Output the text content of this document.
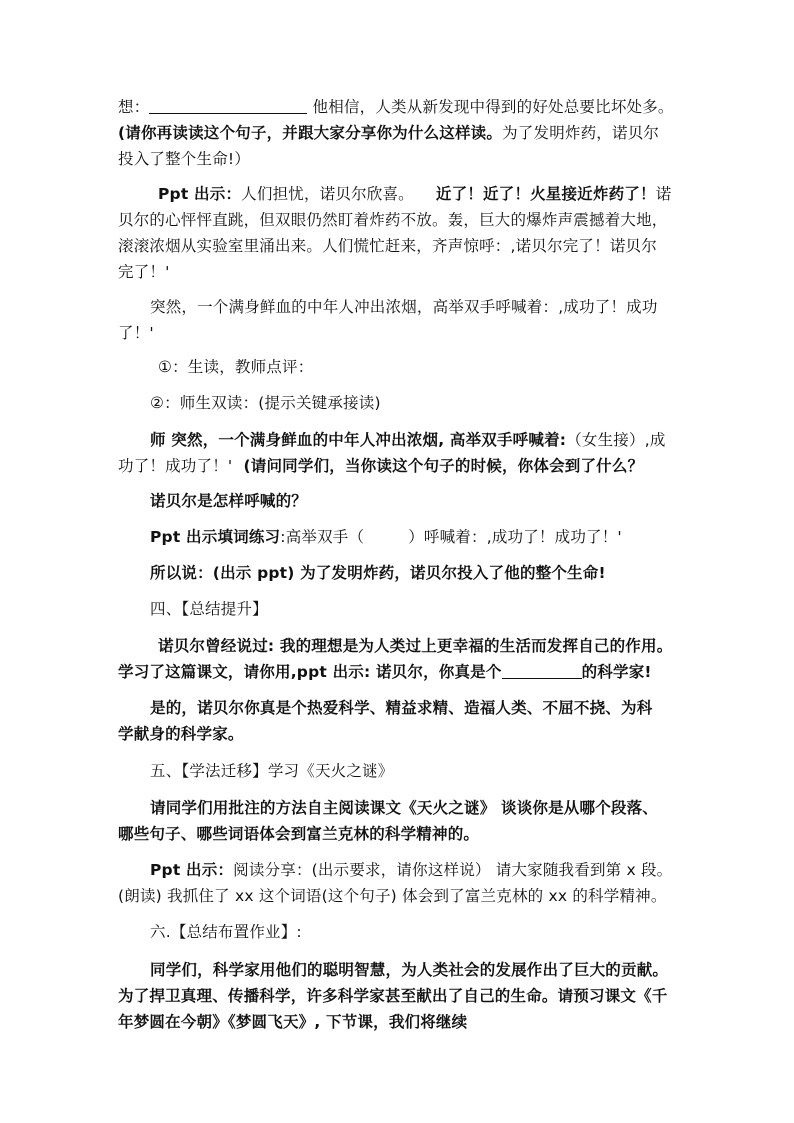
想：	他相信，人类从新发现中得到的好处总要比坏处多。

(请你再读读这个句子，并跟大家分享你为什么这样读。为了发明炸药，诺贝尔

投入了整个生命!）

Ppt 出示：人们担忧，诺贝尔欣喜。 近了！近了！火星接近炸药了！诺

贝尔的心怦怦直跳，但双眼仍然盯着炸药不放。轰，巨大的爆炸声震撼着大地，

滚滚浓烟从实验室里涌出来。人们慌忙赶来，齐声惊呼：,诺贝尔完了！诺贝尔

完了！'

突然，一个满身鲜血的中年人冲出浓烟，高举双手呼喊着：,成功了！成功

了！'

①：生读，教师点评：

②：师生双读：(提示关键承接读)

师 突然，一个满身鲜血的中年人冲出浓烟, 高举双手呼喊着:（女生接）,成

功了！成功了！' (请问同学们，当你读这个句子的时候，你体会到了什么？

诺贝尔是怎样呼喊的？

Ppt 出示填词练习:高举双手（	）呼喊着：,成功了！成功了！'

所以说：(出示 ppt) 为了发明炸药，诺贝尔投入了他的整个生命!

四、【总结提升】

诺贝尔曾经说过: 我的理想是为人类过上更幸福的生活而发挥自己的作用。

学习了这篇课文，请你用,ppt 出示: 诺贝尔，你真是个	的科学家!

是的，诺贝尔你真是个热爱科学、精益求精、造福人类、不屈不挠、为科

学献身的科学家。

五、【学法迁移】学习《天火之谜》

请同学们用批注的方法自主阅读课文《天火之谜》 谈谈你是从哪个段落、

哪些句子、哪些词语体会到富兰克林的科学精神的。

Ppt 出示：阅读分享：(出示要求，请你这样说） 请大家随我看到第 x 段。

(朗读) 我抓住了 xx 这个词语(这个句子) 体会到了富兰克林的 xx 的科学精神。

六.【总结布置作业】:

同学们，科学家用他们的聪明智慧，为人类社会的发展作出了巨大的贡献。

为了捍卫真理、传播科学，许多科学家甚至献出了自己的生命。请预习课文《千

年梦圆在今朝》《梦圆飞天》, 下节课，我们将继续
